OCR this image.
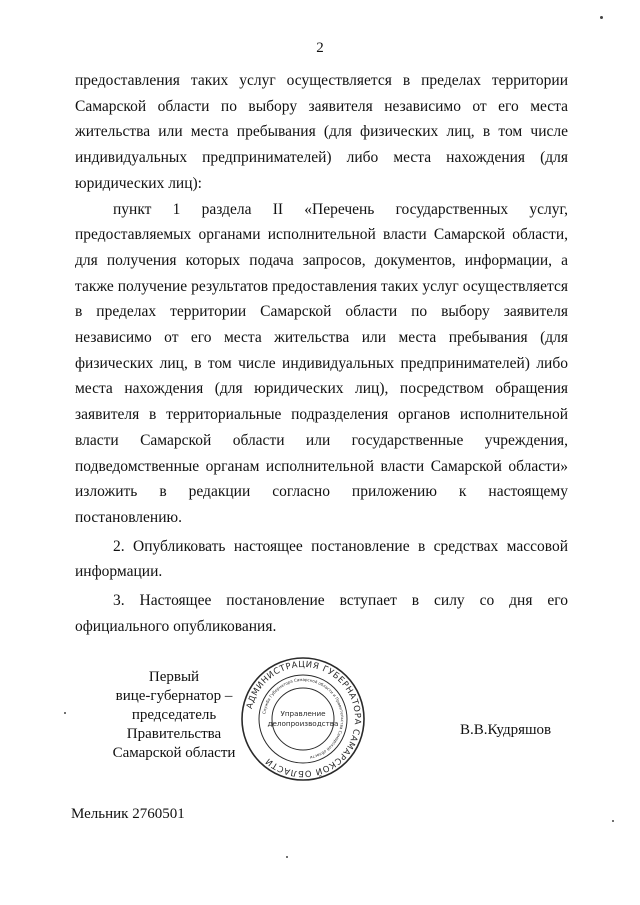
2

предоставления таких услуг осуществляется в пределах территории Самарской области по выбору заявителя независимо от его места жительства или места пребывания (для физических лиц, в том числе индивидуальных предпринимателей) либо места нахождения (для юридических лиц):

пункт 1 раздела II «Перечень государственных услуг, предоставляемых органами исполнительной власти Самарской области, для получения которых подача запросов, документов, информации, а также получение результатов предоставления таких услуг осуществляется в пределах территории Самарской области по выбору заявителя независимо от его места жительства или места пребывания (для физических лиц, в том числе индивидуальных предпринимателей) либо места нахождения (для юридических лиц), посредством обращения заявителя в территориальные подразделения органов исполнительной власти Самарской области или государственные учреждения, подведомственные органам исполнительной власти Самарской области» изложить в редакции согласно приложению к настоящему постановлению.

2. Опубликовать настоящее постановление в средствах массовой информации.

3. Настоящее постановление вступает в силу со дня его официального опубликования.

Первый
вице-губернатор –
председатель Правительства
Самарской области
АДМИНИСТРАЦИЯ ГУБЕРНАТОРА САМАРСКОЙ ОБЛАСТИ
Служба Губернатора Самарской области и Правительства Самарской области
Управление
делопроизводства	В.В.Кудряшов
Мельник 2760501
